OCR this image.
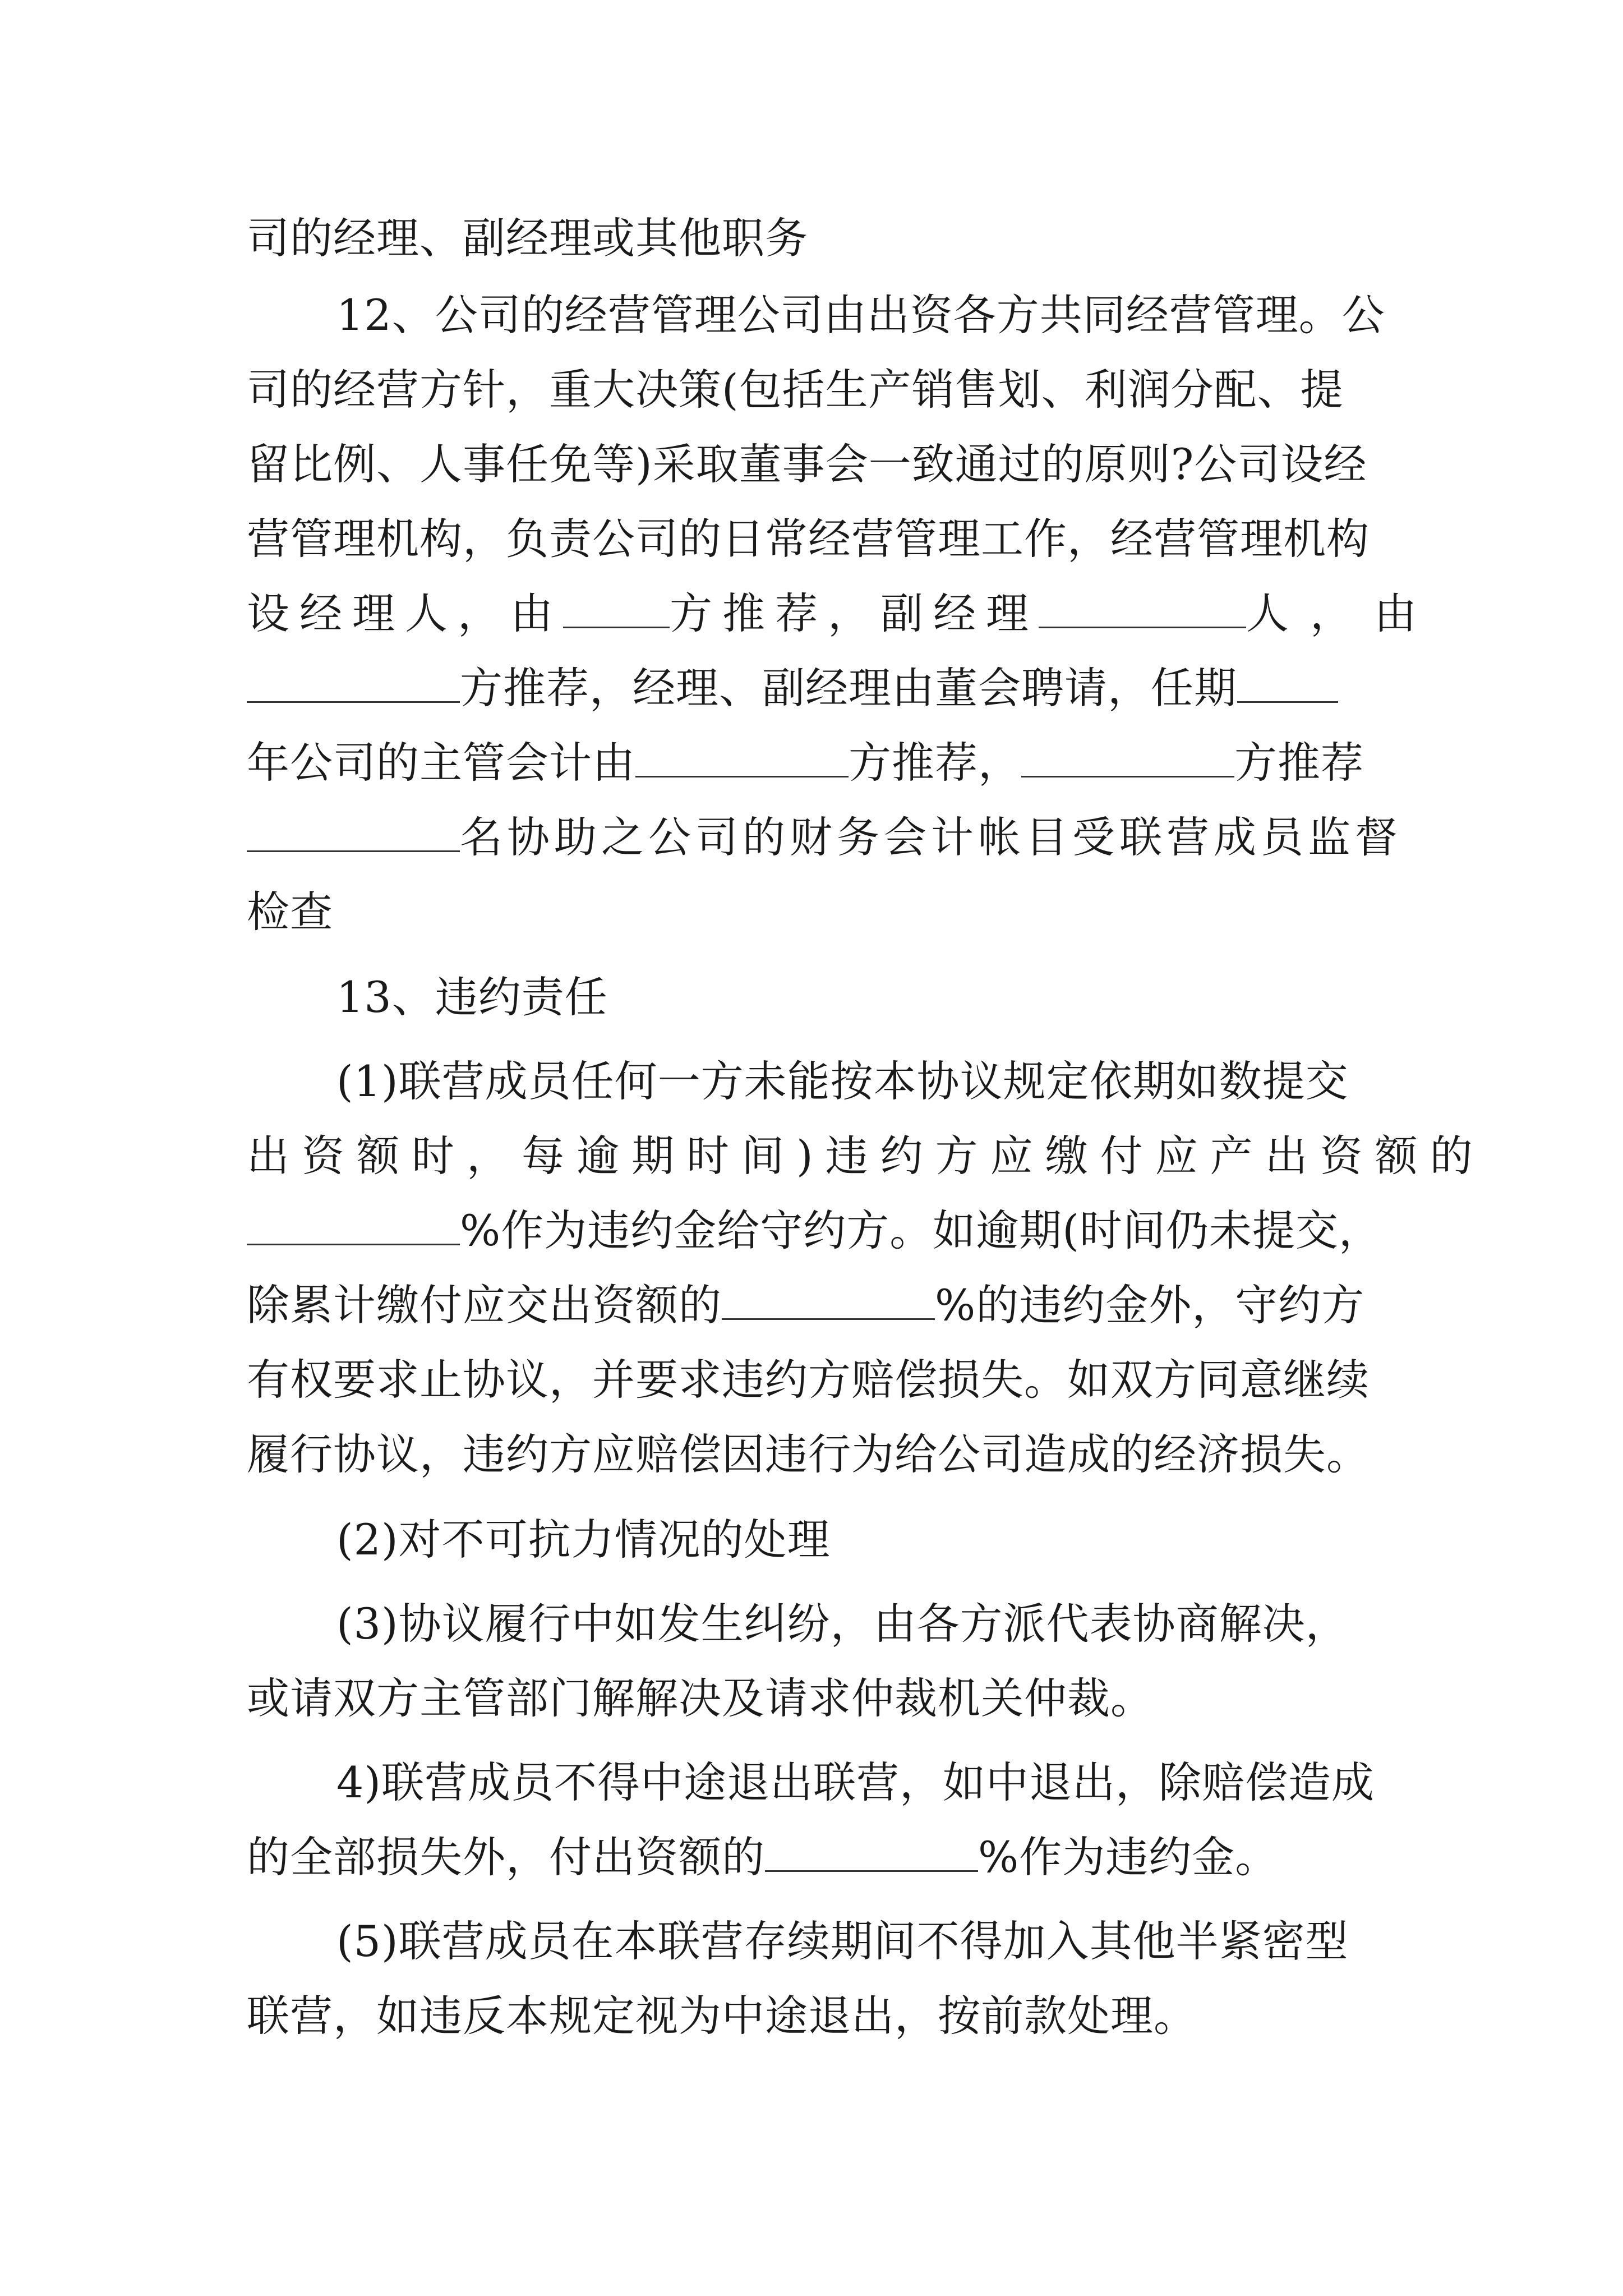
司的经理、副经理或其他职务
12、公司的经营管理公司由出资各方共同经营管理。公
司的经营方针，重大决策(包括生产销售划、利润分配、提
留比例、人事任免等)采取董事会一致通过的原则?公司设经
营管理机构，负责公司的日常经营管理工作，经营管理机构
设经理人，由	方推荐，副经理	人，由
方推荐，经理、副经理由董会聘请，任期
年公司的主管会计由	方推荐，	方推荐
名协助之公司的财务会计帐目受联营成员监督
检查
13、违约责任
(1)联营成员任何一方未能按本协议规定依期如数提交
出资额时，每逾期时间)违约方应缴付应产出资额的
%作为违约金给守约方。如逾期(时间仍未提交，
除累计缴付应交出资额的	%的违约金外，守约方
有权要求止协议，并要求违约方赔偿损失。如双方同意继续
履行协议，违约方应赔偿因违行为给公司造成的经济损失。
(2)对不可抗力情况的处理
(3)协议履行中如发生纠纷，由各方派代表协商解决，
或请双方主管部门解解决及请求仲裁机关仲裁。
4)联营成员不得中途退出联营，如中退出，除赔偿造成
的全部损失外，付出资额的	%作为违约金。
(5)联营成员在本联营存续期间不得加入其他半紧密型
联营，如违反本规定视为中途退出，按前款处理。
